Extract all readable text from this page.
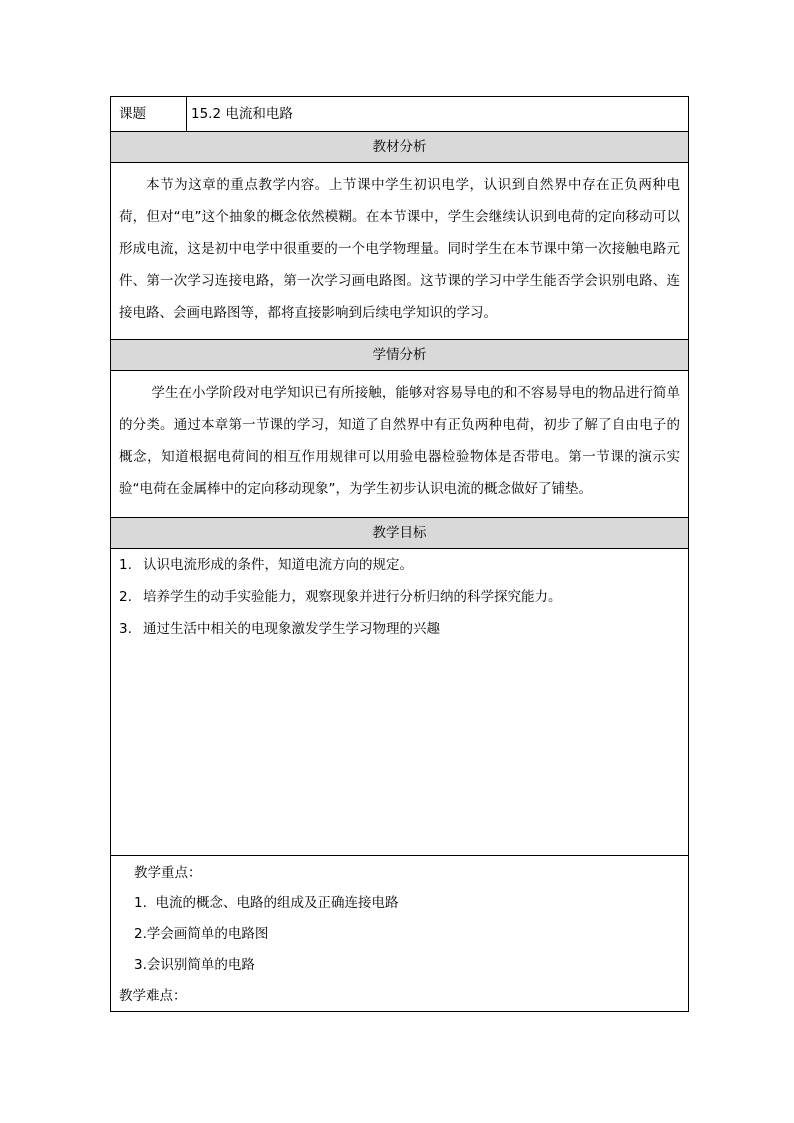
课题	15.2 电流和电路
教材分析

本节为这章的重点教学内容。上节课中学生初识电学，认识到自然界中存在正负两种电荷，但对“电”这个抽象的概念依然模糊。在本节课中，学生会继续认识到电荷的定向移动可以形成电流，这是初中电学中很重要的一个电学物理量。同时学生在本节课中第一次接触电路元件、第一次学习连接电路，第一次学习画电路图。这节课的学习中学生能否学会识别电路、连接电路、会画电路图等，都将直接影响到后续电学知识的学习。

学情分析

学生在小学阶段对电学知识已有所接触，能够对容易导电的和不容易导电的物品进行简单的分类。通过本章第一节课的学习，知道了自然界中有正负两种电荷，初步了解了自由电子的概念，知道根据电荷间的相互作用规律可以用验电器检验物体是否带电。第一节课的演示实验“电荷在金属棒中的定向移动现象”，为学生初步认识电流的概念做好了铺垫。

教学目标

1. 认识电流形成的条件，知道电流方向的规定。

2. 培养学生的动手实验能力，观察现象并进行分析归纳的科学探究能力。

3. 通过生活中相关的电现象激发学生学习物理的兴趣

教学重点：

1. 电流的概念、电路的组成及正确连接电路

2.学会画简单的电路图

3.会识别简单的电路

教学难点：
